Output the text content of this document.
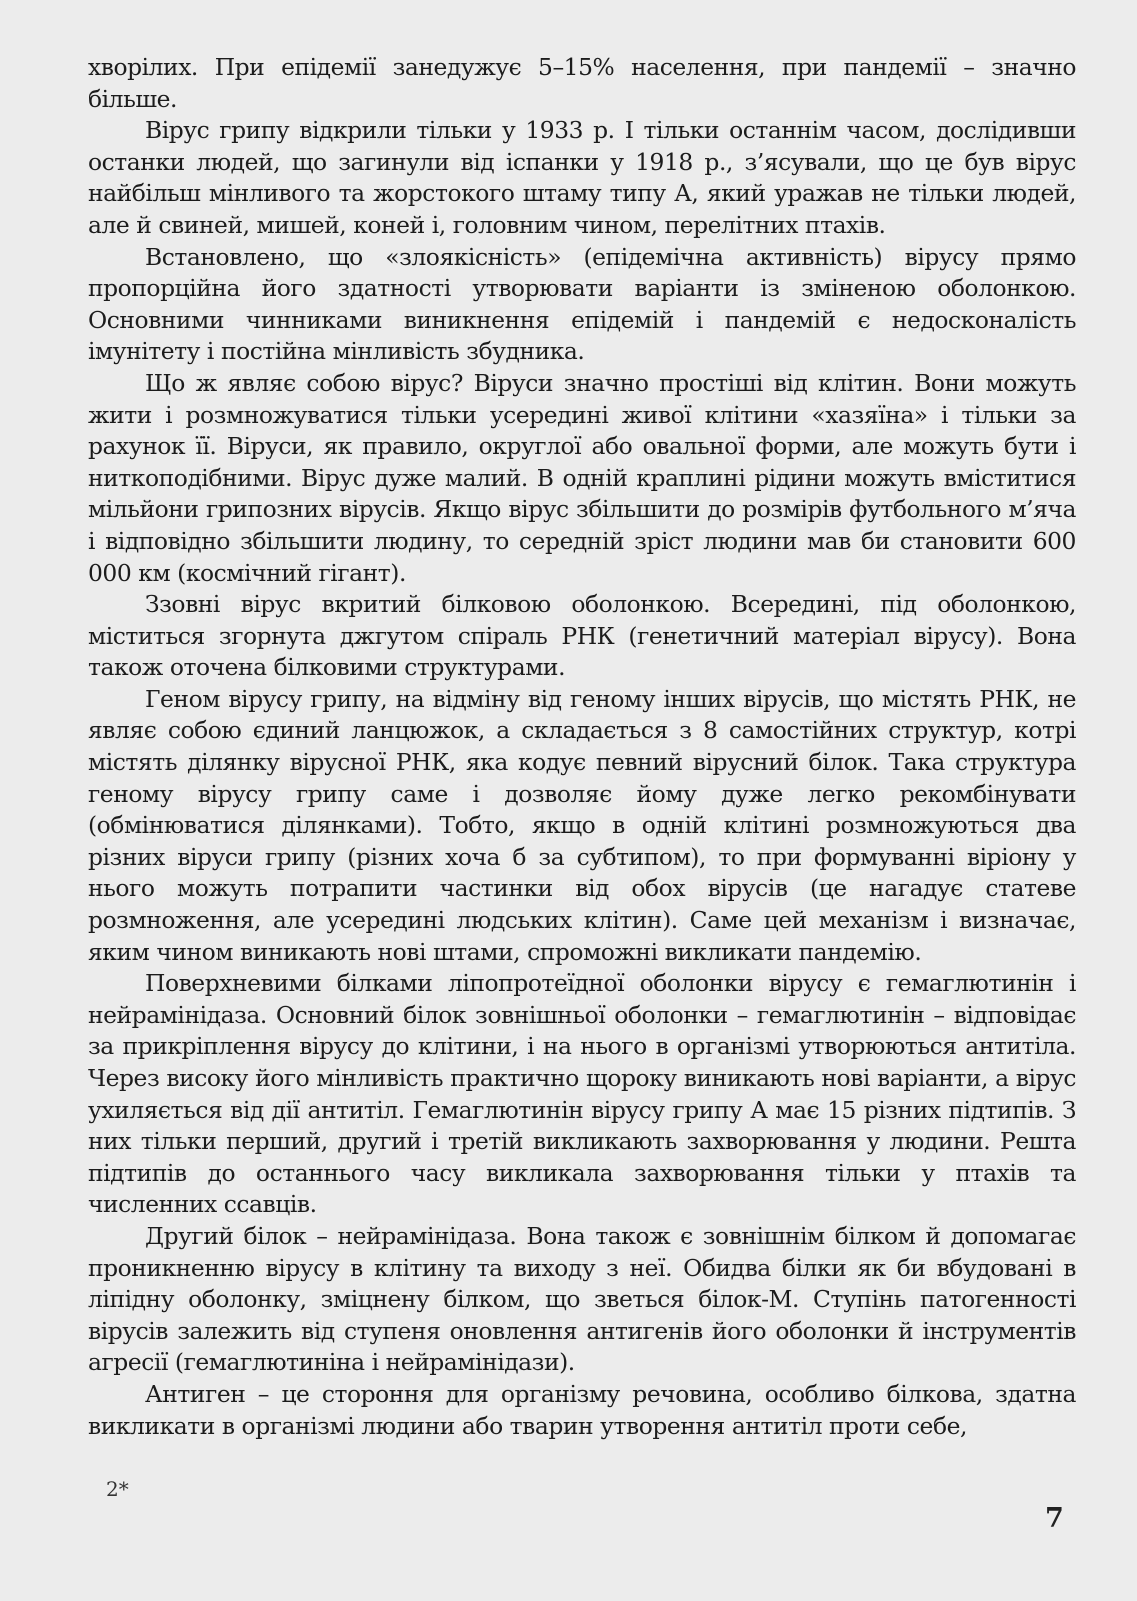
хворілих. При епідемії занедужує 5–15% населення, при пандемії – значно більше.

Вірус грипу відкрили тільки у 1933 р. І тільки останнім часом, дослідивши останки людей, що загинули від іспанки у 1918 р., з’ясували, що це був вірус найбільш мінливого та жорстокого штаму типу А, який уражав не тільки людей, але й свиней, мишей, коней і, головним чином, перелітних птахів.

Встановлено, що «злоякісність» (епідемічна активність) вірусу прямо пропорційна його здатності утворювати варіанти із зміненою оболонкою. Основними чинниками виникнення епідемій і пандемій є недосконалість імунітету і постійна мінливість збудника.

Що ж являє собою вірус? Віруси значно простіші від клітин. Вони можуть жити і розмножуватися тільки усередині живої клітини «хазяїна» і тільки за рахунок її. Віруси, як правило, округлої або овальної форми, але можуть бути і ниткоподібними. Вірус дуже малий. В одній краплині рідини можуть вміститися мільйони грипозних вірусів. Якщо вірус збільшити до розмірів футбольного м’яча і відповідно збільшити людину, то середній зріст людини мав би становити 600 000 км (космічний гігант).

Ззовні вірус вкритий білковою оболонкою. Всередині, під оболонкою, міститься згорнута джгутом спіраль РНК (генетичний матеріал вірусу). Вона також оточена білковими структурами.

Геном вірусу грипу, на відміну від геному інших вірусів, що містять РНК, не являє собою єдиний ланцюжок, а складається з 8 самостійних структур, котрі містять ділянку вірусної РНК, яка кодує певний вірусний білок. Така структура геному вірусу грипу саме і дозволяє йому дуже легко рекомбінувати (обмінюватися ділянками). Тобто, якщо в одній клітині розмножуються два різних віруси грипу (різних хоча б за субтипом), то при формуванні віріону у нього можуть потрапити частинки від обох вірусів (це нагадує статеве розмноження, але усередині людських клітин). Саме цей механізм і визначає, яким чином виникають нові штами, спроможні викликати пандемію.

Поверхневими білками ліпопротеїдної оболонки вірусу є гемаглютинін і нейрамінідаза. Основний білок зовнішньої оболонки – гемаглютинін – відповідає за прикріплення вірусу до клітини, і на нього в організмі утворюються антитіла. Через високу його мінливість практично щороку виникають нові варіанти, а вірус ухиляється від дії антитіл. Гемаглютинін вірусу грипу А має 15 різних підтипів. З них тільки перший, другий і третій викликають захворювання у людини. Решта підтипів до останнього часу викликала захворювання тільки у птахів та численних ссавців.

Другий білок – нейрамінідаза. Вона також є зовнішнім білком й допомагає проникненню вірусу в клітину та виходу з неї. Обидва білки як би вбудовані в ліпідну оболонку, зміцнену білком, що зветься білок-М. Ступінь патогенності вірусів залежить від ступеня оновлення антигенів його оболонки й інструментів агресії (гемаглютиніна і нейрамінідази).

Антиген – це стороння для організму речовина, особливо білкова, здатна викликати в організмі людини або тварин утворення антитіл проти себе,

2*
7
